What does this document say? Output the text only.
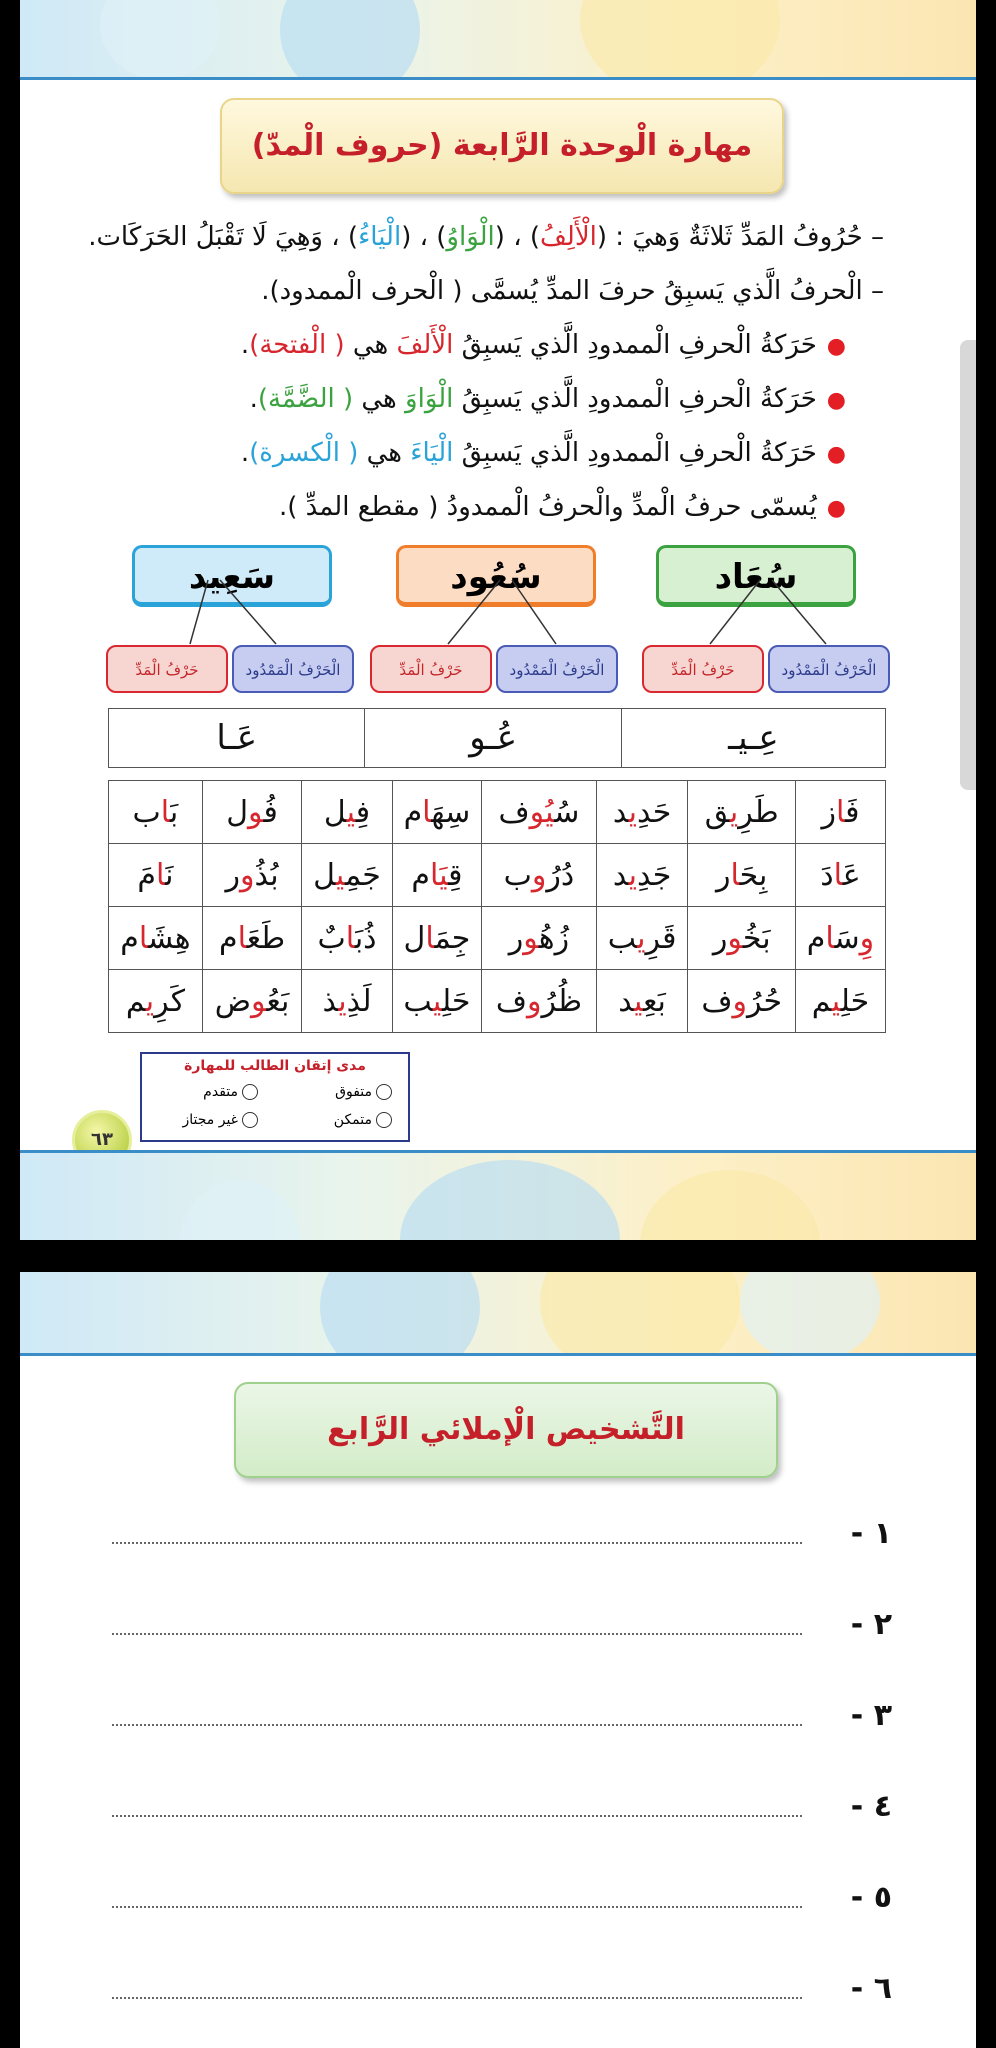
مهارة الْوحدة الرَّابعة (حروف الْمدّ)
– حُرُوفُ المَدِّ ثَلاثَةٌ وَهيَ : (الْأَلِفُ) ، (الْوَاوُ) ، (الْيَاءُ) ، وَهِيَ لَا تَقْبَلُ الحَرَكَات.
– الْحرفُ الَّذي يَسبِقُ حرفَ المدِّ يُسمَّى ( الْحرف الْممدود).
●حَرَكةُ الْحرفِ الْممدودِ الَّذي يَسبِقُ الْأَلفَ هي ( الْفتحة).
●حَرَكةُ الْحرفِ الْممدودِ الَّذي يَسبِقُ الْوَاوَ هي ( الضَّمَّة).
●حَرَكةُ الْحرفِ الْممدودِ الَّذي يَسبِقُ الْيَاءَ هي ( الْكسرة).
●يُسمّى حرفُ الْمدِّ والْحرفُ الْممدودُ ( مقطع المدِّ ).
سُعَاد
سُعُود
سَعِيد
الْحَرْفُ الْمَمْدُود
حَرْفُ الْمَدِّ
الْحَرْفُ الْمَمْدُود
حَرْفُ الْمَدِّ
الْحَرْفُ الْمَمْدُود
حَرْفُ الْمَدِّ
عَـا	عُـو	عِـيـ
بَاب	فُول	فِيل	سِهَام	سُيوف	حَدِيد	طَرِيق	فَاز
نَامَ	بُذُور	جَمِيل	قِيام	دُرُوب	جَدِيد	بِحَار	عَادَ
هِشَام	طَعَام	ذُبَابٌ	جِمَال	زُهُور	قَرِيب	بَخُور	وِسَام
كَرِيم	بَعُوض	لَذِيذ	حَلِيب	ظُرُوف	بَعِيد	حُرُوف	حَلِيم
مدى إتقان الطالب للمهارة
متفوق
متقدم
متمكن
غير مجتاز
٦٣
التَّشخيص الْإملائي الرَّابع
١ -
٢ -
٣ -
٤ -
٥ -
٦ -
